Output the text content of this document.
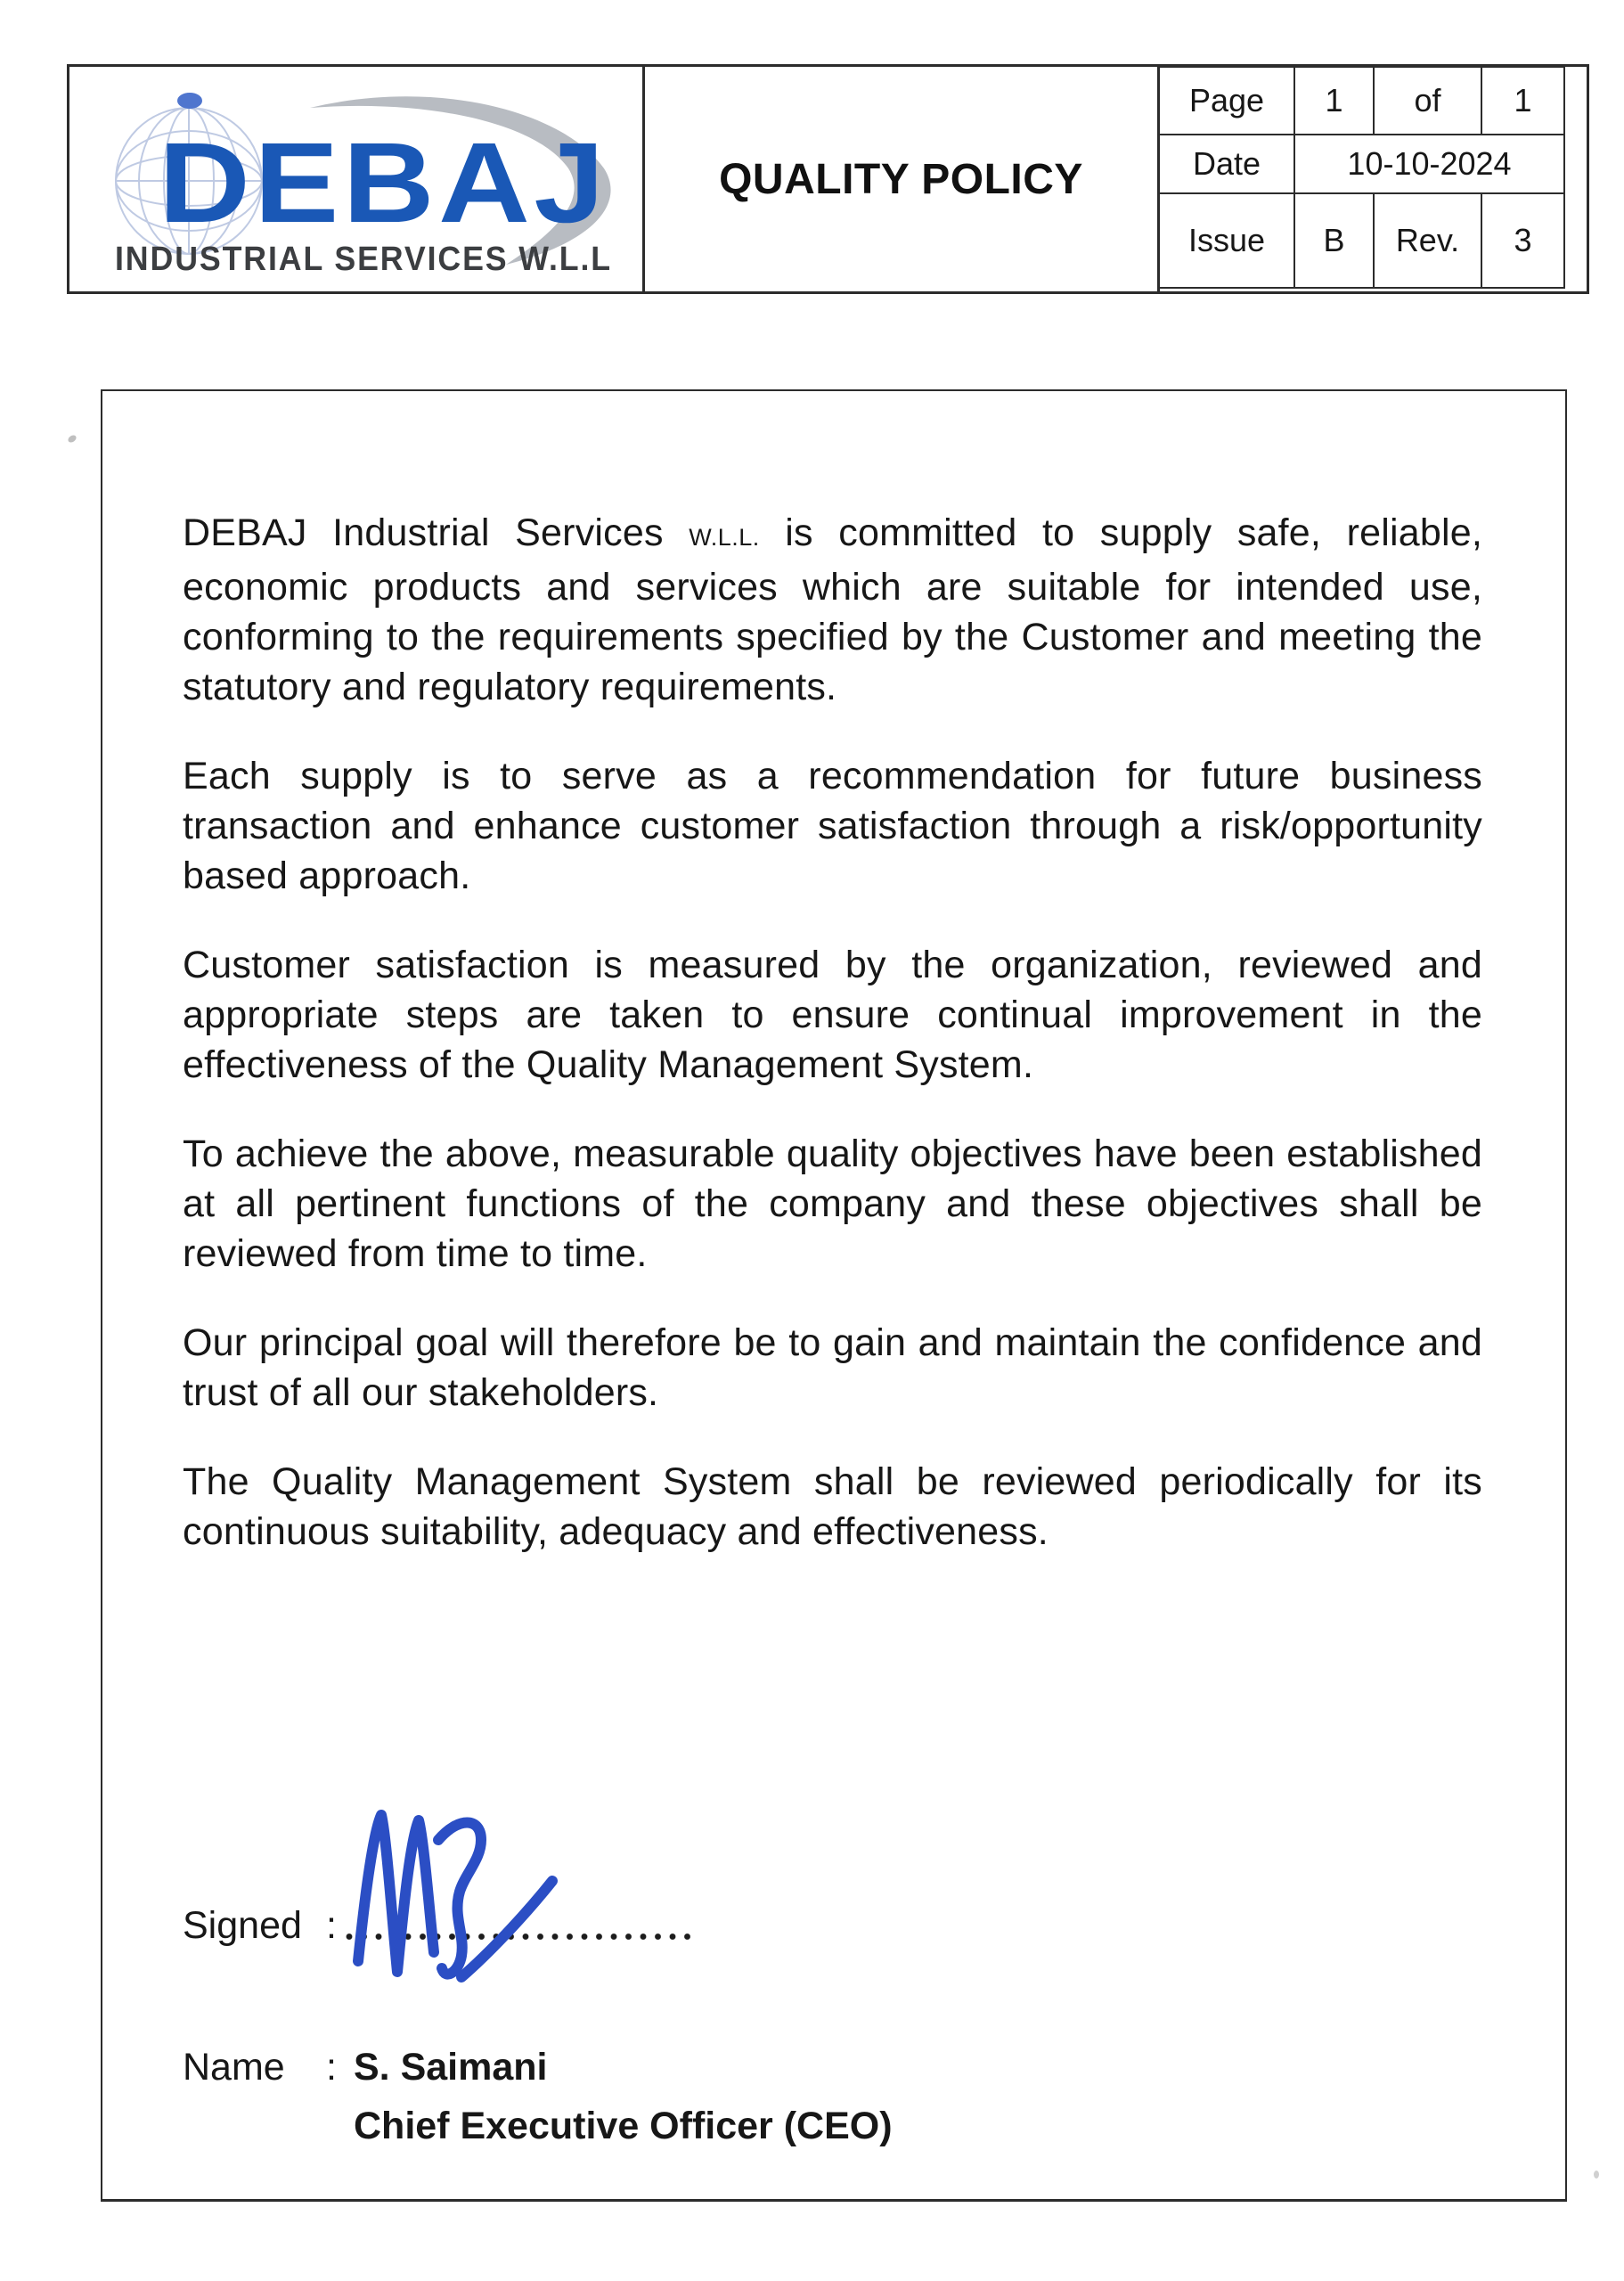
DEBAJ
INDUSTRIAL SERVICES W.L.L
QUALITY POLICY
Page	1	of	1
Date	10-10-2024
Issue	B	Rev.	3

DEBAJ Industrial Services W.L.L. is committed to supply safe, reliable, economic products and services which are suitable for intended use, conforming to the requirements specified by the Customer and meeting the statutory and regulatory requirements.

Each supply is to serve as a recommendation for future business transaction and enhance customer satisfaction through a risk/opportunity based approach.

Customer satisfaction is measured by the organization, reviewed and appropriate steps are taken to ensure continual improvement in the effectiveness of the Quality Management System.

To achieve the above, measurable quality objectives have been established at all pertinent functions of the company and these objectives shall be reviewed from time to time.

Our principal goal will therefore be to gain and maintain the confidence and trust of all our stakeholders.

The Quality Management System shall be reviewed periodically for its continuous suitability, adequacy and effectiveness.

Signed :
Name : S. Saimani
Chief Executive Officer (CEO)
